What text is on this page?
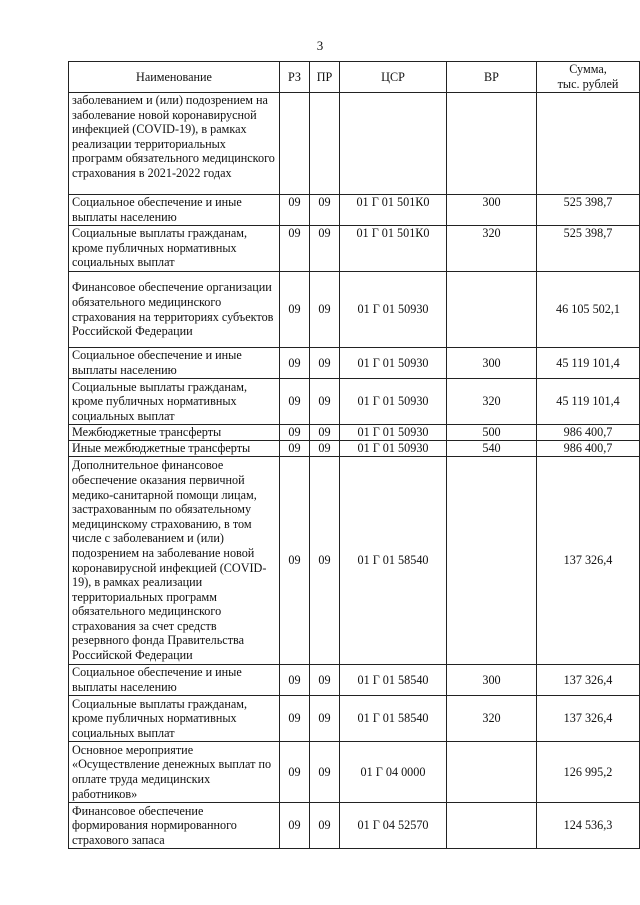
3
Наименование	РЗ	ПР	ЦСР	ВР	Сумма,
тыс. рублей
заболеванием и (или) подозрением на заболевание новой коронавирусной инфекцией (COVID-19), в рамках реализации территориальных программ обязательного медицинского страхования в 2021-2022 годах					
Социальное обеспечение и иные выплаты населению	09	09	01 Г 01 501К0	300	525 398,7
Социальные выплаты гражданам, кроме публичных нормативных социальных выплат	09	09	01 Г 01 501К0	320	525 398,7
Финансовое обеспечение организации обязательного медицинского страхования на территориях субъектов Российской Федерации	09	09	01 Г 01 50930		46 105 502,1
Социальное обеспечение и иные выплаты населению	09	09	01 Г 01 50930	300	45 119 101,4
Социальные выплаты гражданам, кроме публичных нормативных социальных выплат	09	09	01 Г 01 50930	320	45 119 101,4
Межбюджетные трансферты	09	09	01 Г 01 50930	500	986 400,7
Иные межбюджетные трансферты	09	09	01 Г 01 50930	540	986 400,7
Дополнительное финансовое обеспечение оказания первичной медико-санитарной помощи лицам, застрахованным по обязательному медицинскому страхованию, в том числе с заболеванием и (или) подозрением на заболевание новой коронавирусной инфекцией (COVID-19), в рамках реализации территориальных программ обязательного медицинского страхования за счет средств резервного фонда Правительства Российской Федерации	09	09	01 Г 01 58540		137 326,4
Социальное обеспечение и иные выплаты населению	09	09	01 Г 01 58540	300	137 326,4
Социальные выплаты гражданам, кроме публичных нормативных социальных выплат	09	09	01 Г 01 58540	320	137 326,4
Основное мероприятие «Осуществление денежных выплат по оплате труда медицинских работников»	09	09	01 Г 04 0000		126 995,2
Финансовое обеспечение формирования нормированного страхового запаса	09	09	01 Г 04 52570		124 536,3
